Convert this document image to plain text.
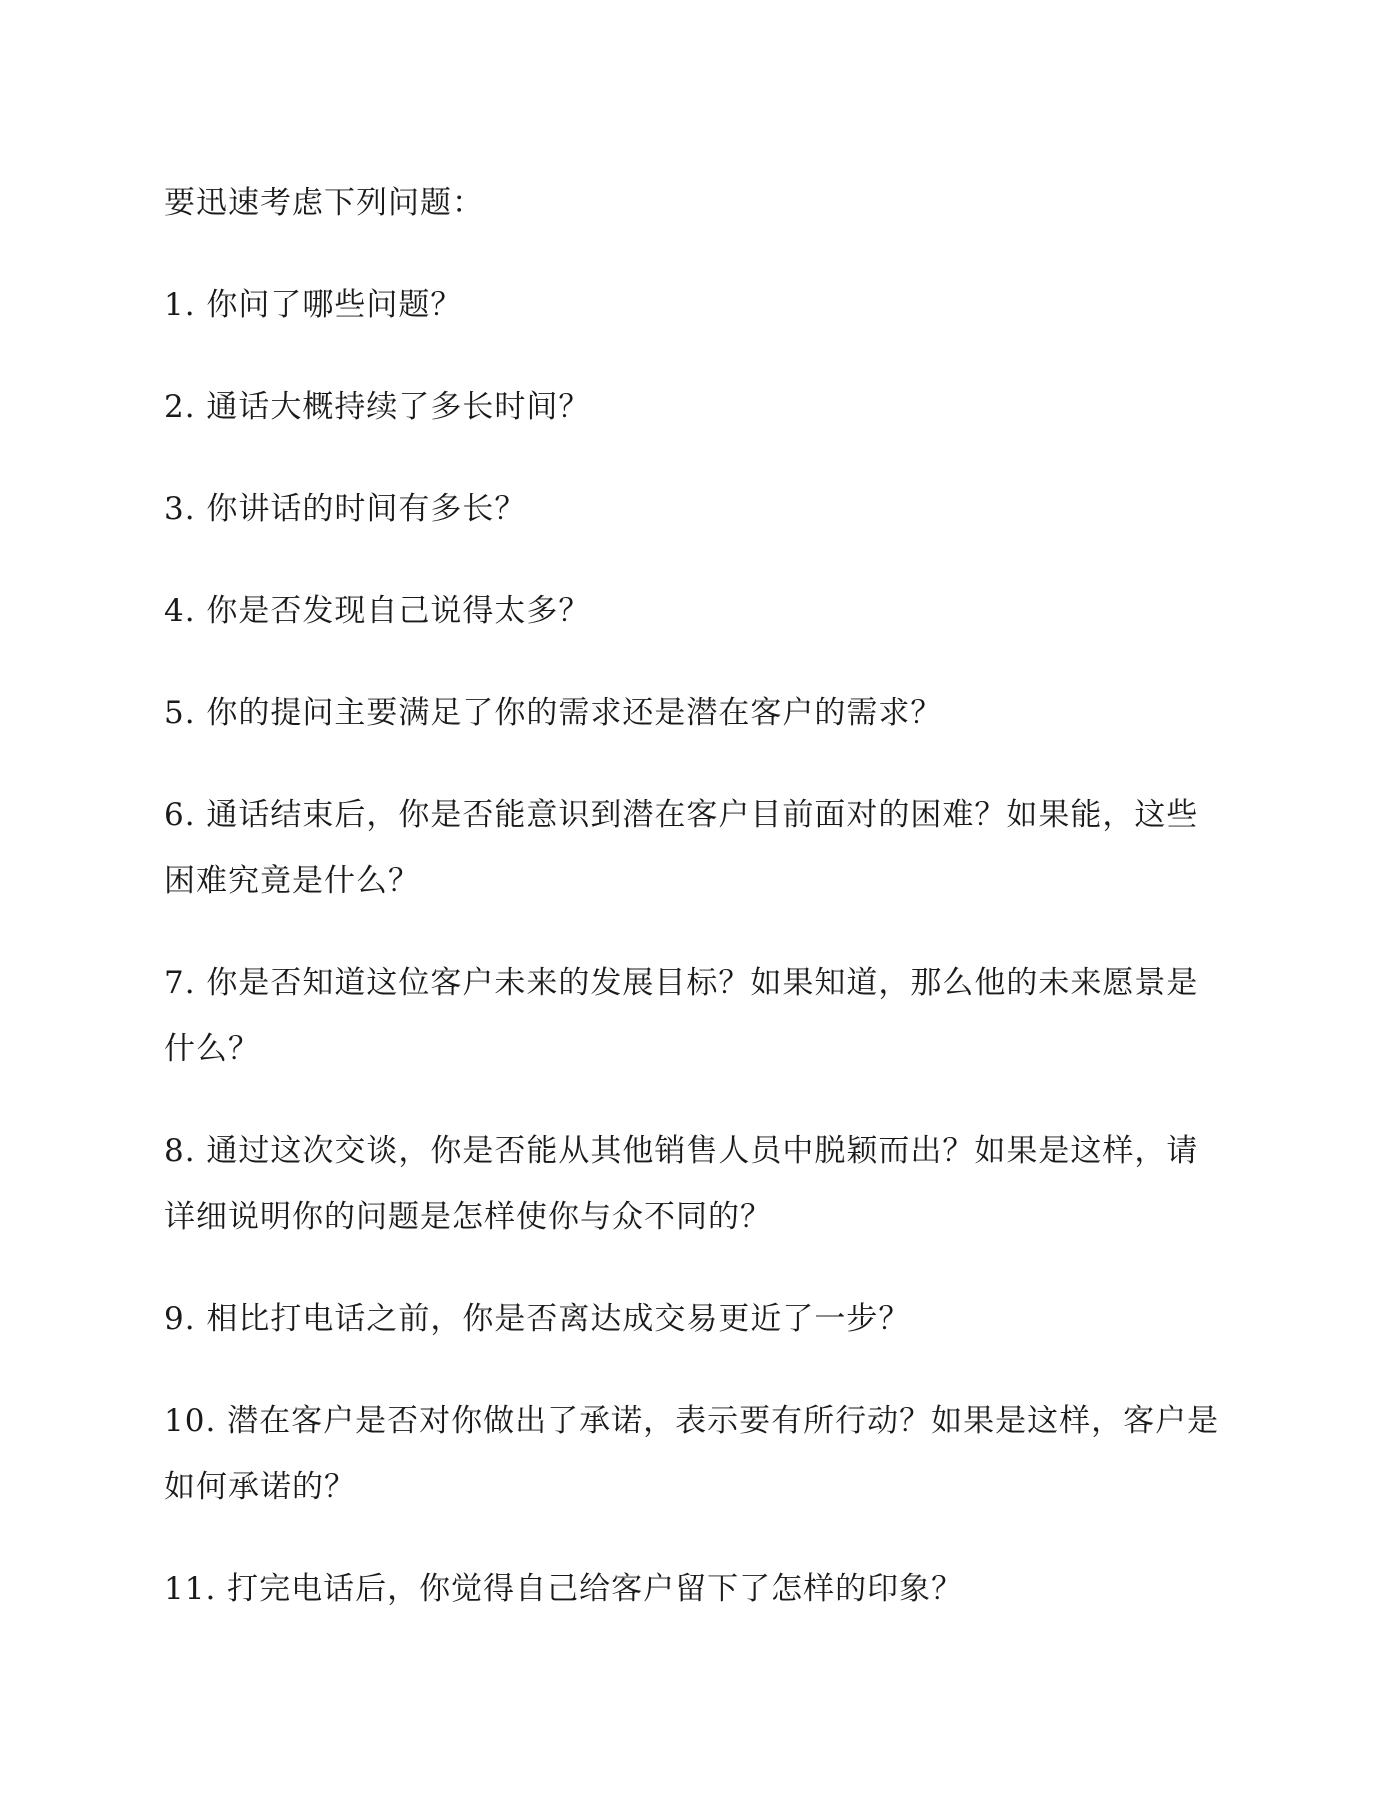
要迅速考虑下列问题：

1. 你问了哪些问题？

2. 通话大概持续了多长时间？

3. 你讲话的时间有多长？

4. 你是否发现自己说得太多？

5. 你的提问主要满足了你的需求还是潜在客户的需求？

6. 通话结束后，你是否能意识到潜在客户目前面对的困难？如果能，这些困难究竟是什么？

7. 你是否知道这位客户未来的发展目标？如果知道，那么他的未来愿景是什么？

8. 通过这次交谈，你是否能从其他销售人员中脱颖而出？如果是这样，请详细说明你的问题是怎样使你与众不同的？

9. 相比打电话之前，你是否离达成交易更近了一步？

10. 潜在客户是否对你做出了承诺，表示要有所行动？如果是这样，客户是如何承诺的？

11. 打完电话后，你觉得自己给客户留下了怎样的印象？
